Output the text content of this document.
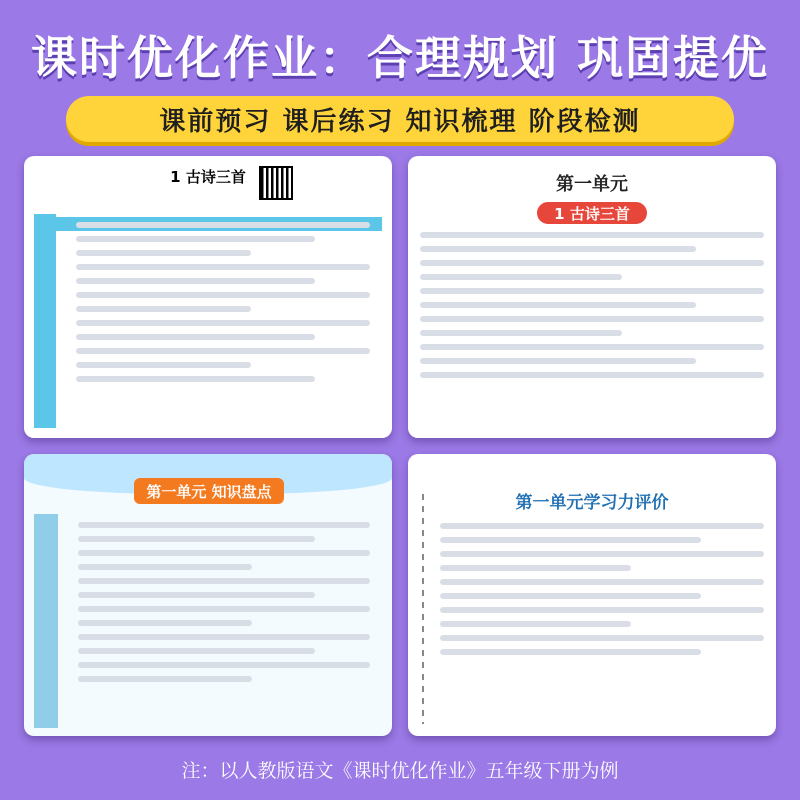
课时优化作业：合理规划 巩固提优
课前预习 课后练习 知识梳理 阶段检测
1 古诗三首	第一单元
1 古诗三首
第一单元 知识盘点
第一单元学习力评价
注：以人教版语文《课时优化作业》五年级下册为例
